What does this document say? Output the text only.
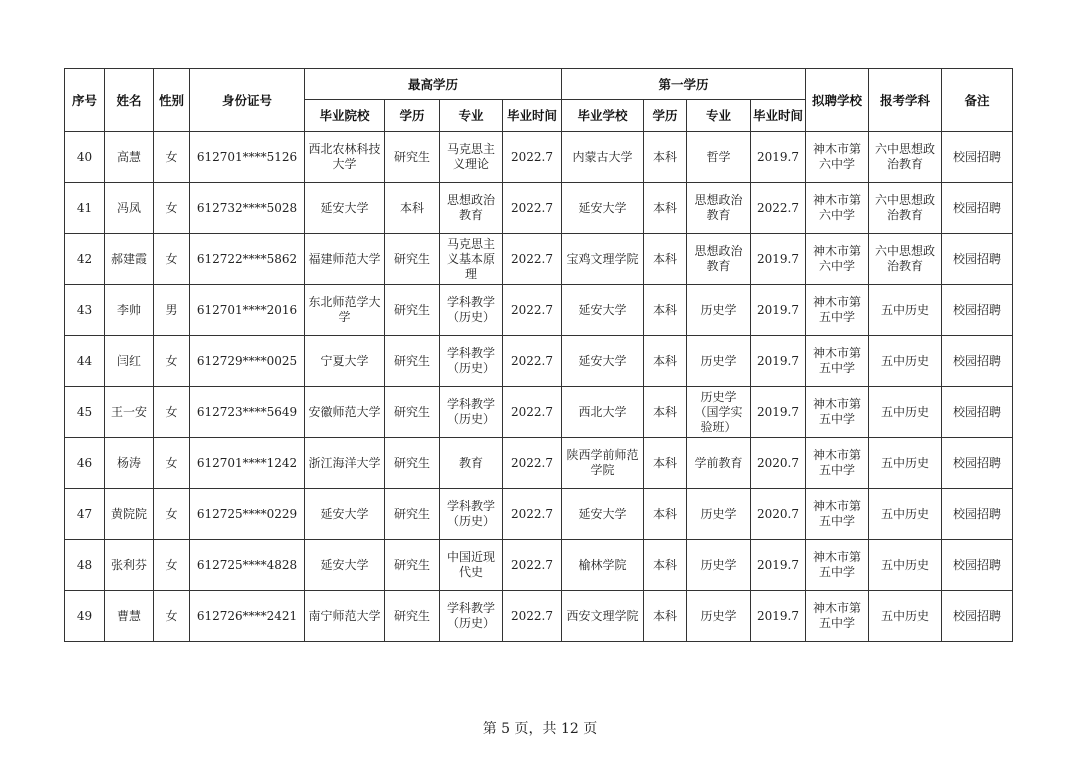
序号	姓名	性别	身份证号	最高学历				第一学历				拟聘学校	报考学科	备注
				毕业院校	学历	专业	毕业时间	毕业学校	学历	专业	毕业时间			
40	高慧	女	612701****5126	西北农林科技大学	研究生	马克思主义理论	2022.7	内蒙古大学	本科	哲学	2019.7	神木市第六中学	六中思想政治教育	校园招聘
41	冯凤	女	612732****5028	延安大学	本科	思想政治教育	2022.7	延安大学	本科	思想政治教育	2022.7	神木市第六中学	六中思想政治教育	校园招聘
42	郝建霞	女	612722****5862	福建师范大学	研究生	马克思主义基本原理	2022.7	宝鸡文理学院	本科	思想政治教育	2019.7	神木市第六中学	六中思想政治教育	校园招聘
43	李帅	男	612701****2016	东北师范学大学	研究生	学科教学（历史）	2022.7	延安大学	本科	历史学	2019.7	神木市第五中学	五中历史	校园招聘
44	闫红	女	612729****0025	宁夏大学	研究生	学科教学（历史）	2022.7	延安大学	本科	历史学	2019.7	神木市第五中学	五中历史	校园招聘
45	王一安	女	612723****5649	安徽师范大学	研究生	学科教学（历史）	2022.7	西北大学	本科	历史学（国学实验班）	2019.7	神木市第五中学	五中历史	校园招聘
46	杨涛	女	612701****1242	浙江海洋大学	研究生	教育	2022.7	陕西学前师范学院	本科	学前教育	2020.7	神木市第五中学	五中历史	校园招聘
47	黄院院	女	612725****0229	延安大学	研究生	学科教学（历史）	2022.7	延安大学	本科	历史学	2020.7	神木市第五中学	五中历史	校园招聘
48	张利芬	女	612725****4828	延安大学	研究生	中国近现代史	2022.7	榆林学院	本科	历史学	2019.7	神木市第五中学	五中历史	校园招聘
49	曹慧	女	612726****2421	南宁师范大学	研究生	学科教学（历史）	2022.7	西安文理学院	本科	历史学	2019.7	神木市第五中学	五中历史	校园招聘
第 5 页，共 12 页
